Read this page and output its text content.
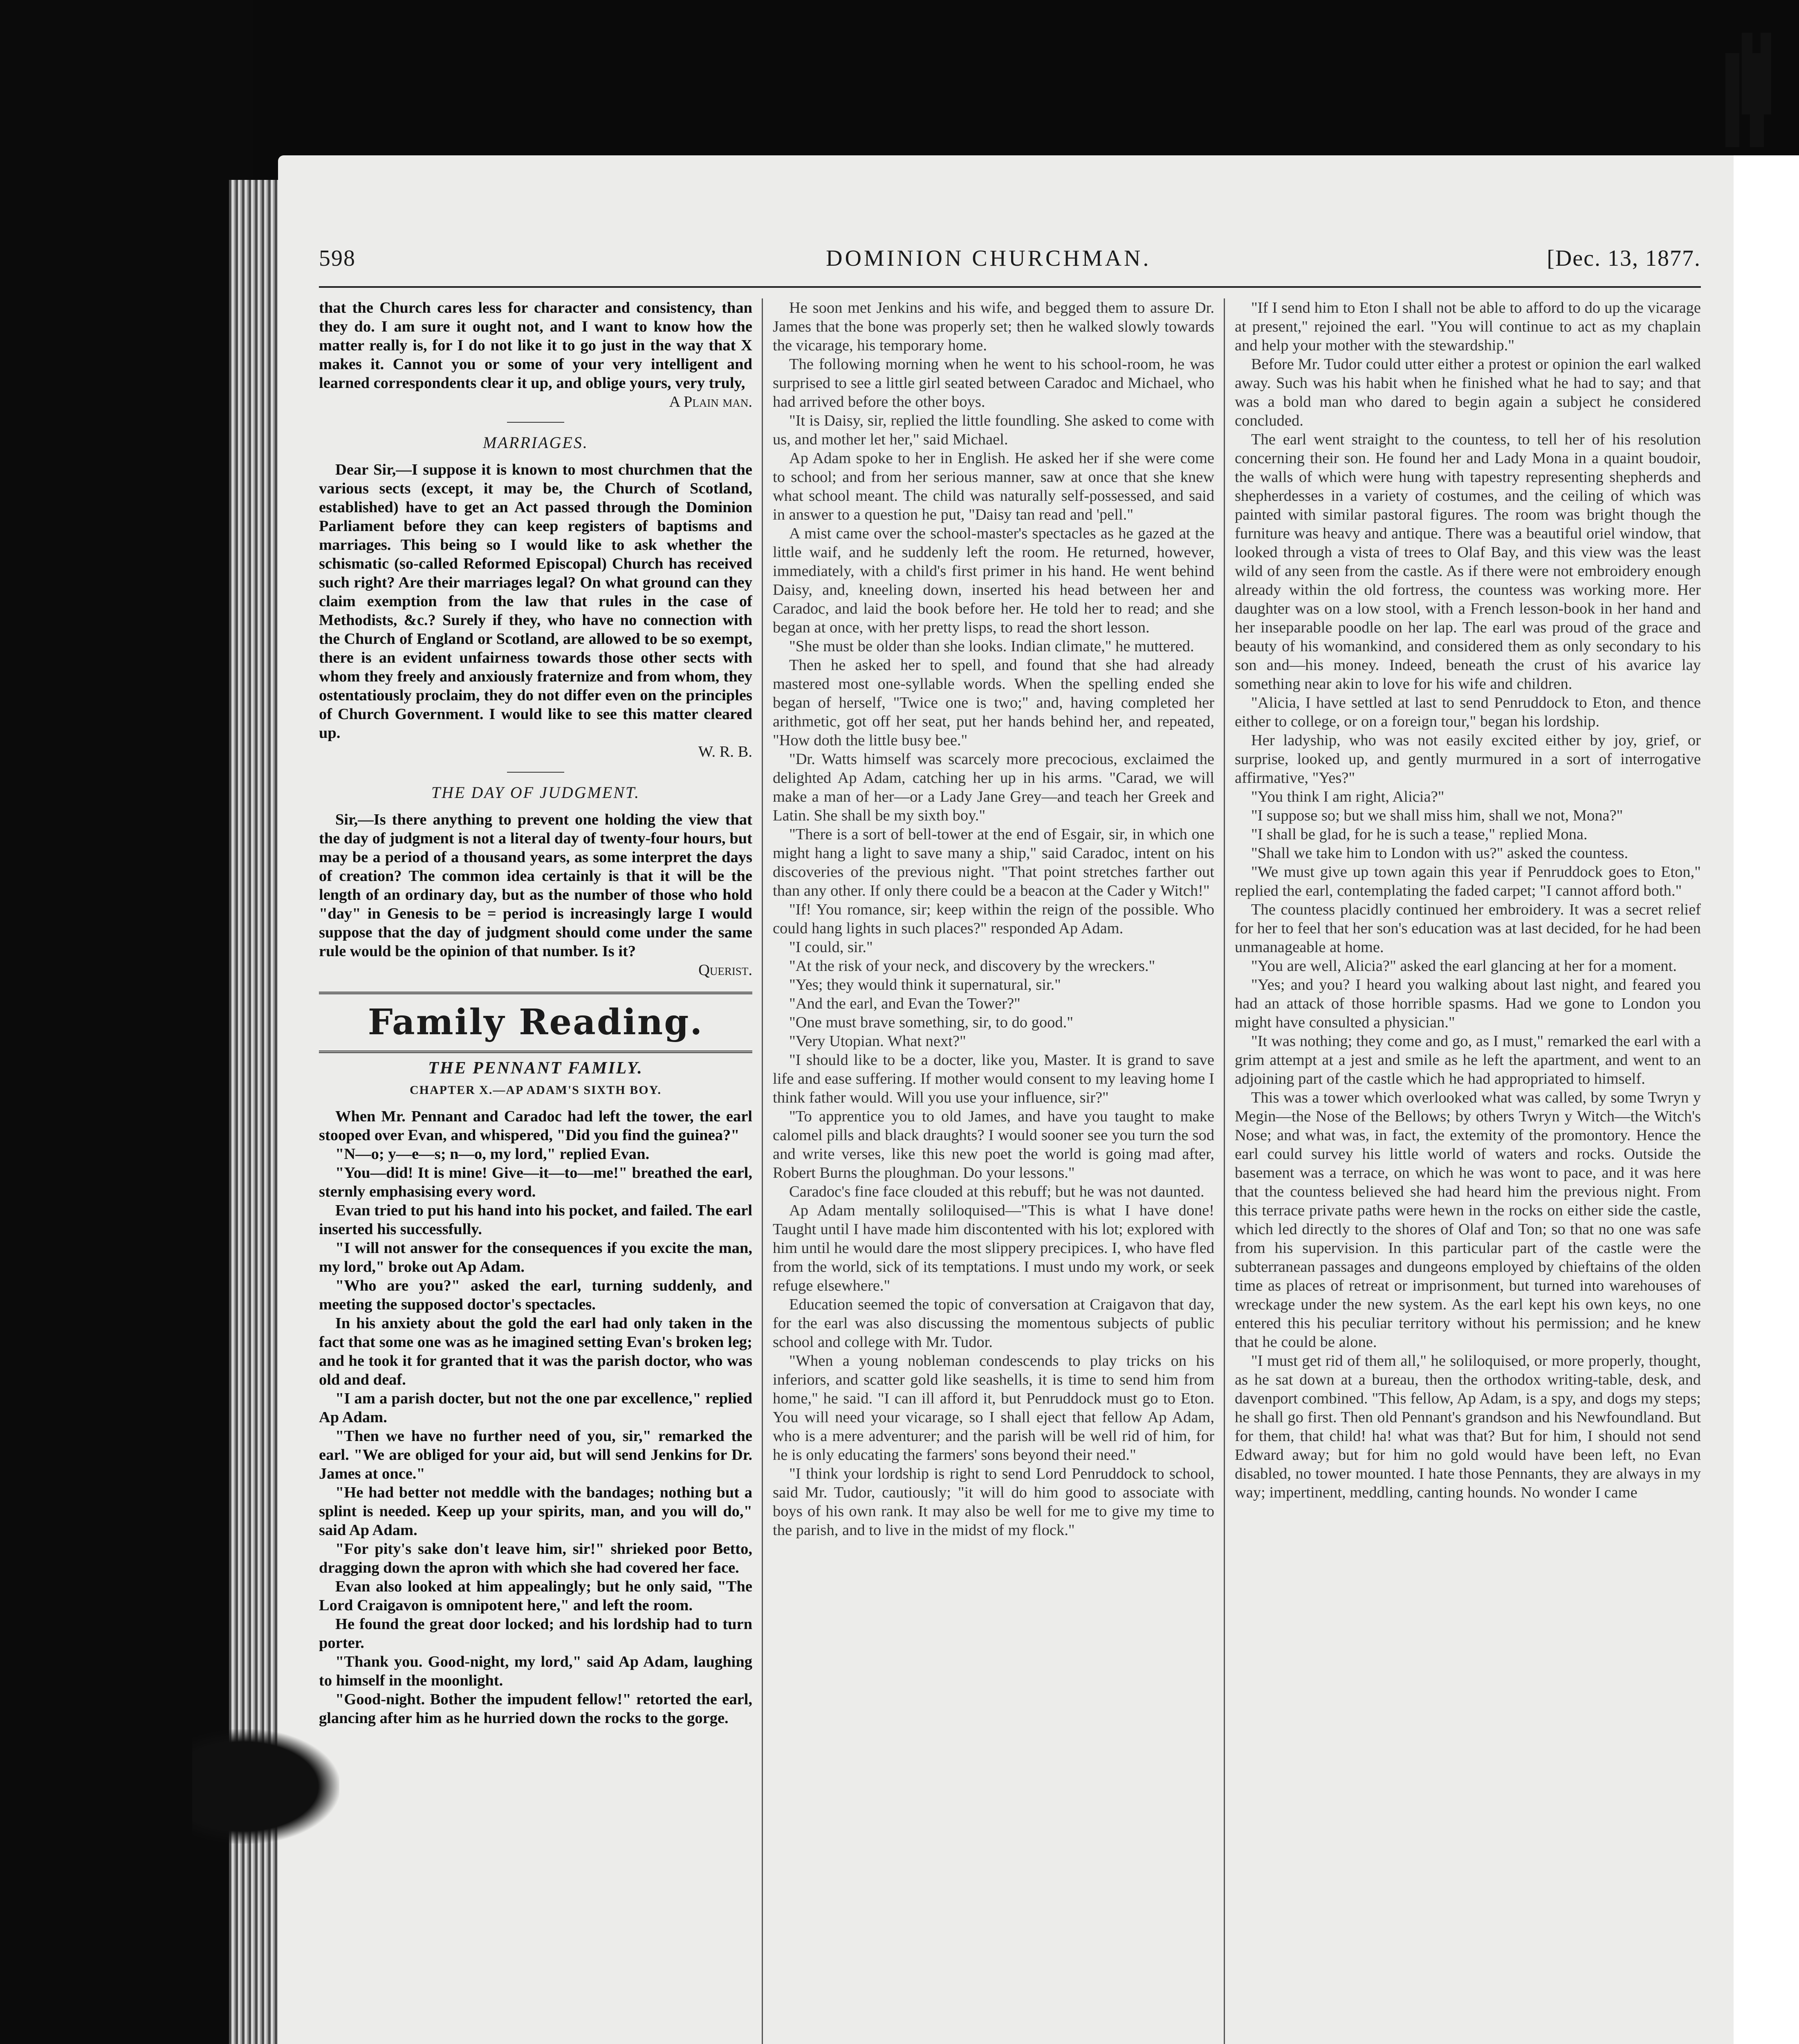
598	DOMINION CHURCHMAN.	[Dec. 13, 1877.

that the Church cares less for character and consistency, than they do. I am sure it ought not, and I want to know how the matter really is, for I do not like it to go just in the way that X makes it. Cannot you or some of your very intelligent and learned correspondents clear it up, and oblige yours, very truly,

A Plain man.

MARRIAGES.

Dear Sir,—I suppose it is known to most churchmen that the various sects (except, it may be, the Church of Scotland, established) have to get an Act passed through the Dominion Parliament before they can keep registers of baptisms and marriages. This being so I would like to ask whether the schismatic (so-called Reformed Episcopal) Church has received such right? Are their marriages legal? On what ground can they claim exemption from the law that rules in the case of Methodists, &c.? Surely if they, who have no connection with the Church of England or Scotland, are allowed to be so exempt, there is an evident unfairness towards those other sects with whom they freely and anxiously fraternize and from whom, they ostentatiously proclaim, they do not differ even on the principles of Church Government. I would like to see this matter cleared up.

W. R. B.

THE DAY OF JUDGMENT.

Sir,—Is there anything to prevent one holding the view that the day of judgment is not a literal day of twenty-four hours, but may be a period of a thousand years, as some interpret the days of creation? The common idea certainly is that it will be the length of an ordinary day, but as the number of those who hold "day" in Genesis to be = period is increasingly large I would suppose that the day of judgment should come under the same rule would be the opinion of that number. Is it?

Querist.

Family Reading.
THE PENNANT FAMILY.
CHAPTER X.—AP ADAM'S SIXTH BOY.

When Mr. Pennant and Caradoc had left the tower, the earl stooped over Evan, and whispered, "Did you find the guinea?"

"N—o; y—e—s; n—o, my lord," replied Evan.

"You—did! It is mine! Give—it—to—me!" breathed the earl, sternly emphasising every word.

Evan tried to put his hand into his pocket, and failed. The earl inserted his successfully.

"I will not answer for the consequences if you excite the man, my lord," broke out Ap Adam.

"Who are you?" asked the earl, turning suddenly, and meeting the supposed doctor's spectacles.

In his anxiety about the gold the earl had only taken in the fact that some one was as he imagined setting Evan's broken leg; and he took it for granted that it was the parish doctor, who was old and deaf.

"I am a parish docter, but not the one par excellence," replied Ap Adam.

"Then we have no further need of you, sir," remarked the earl. "We are obliged for your aid, but will send Jenkins for Dr. James at once."

"He had better not meddle with the bandages; nothing but a splint is needed. Keep up your spirits, man, and you will do," said Ap Adam.

"For pity's sake don't leave him, sir!" shrieked poor Betto, dragging down the apron with which she had covered her face.

Evan also looked at him appealingly; but he only said, "The Lord Craigavon is omnipotent here," and left the room.

He found the great door locked; and his lordship had to turn porter.

"Thank you. Good-night, my lord," said Ap Adam, laughing to himself in the moonlight.

"Good-night. Bother the impudent fellow!" retorted the earl, glancing after him as he hurried down the rocks to the gorge.

He soon met Jenkins and his wife, and begged them to assure Dr. James that the bone was properly set; then he walked slowly towards the vicarage, his temporary home.

The following morning when he went to his school-room, he was surprised to see a little girl seated between Caradoc and Michael, who had arrived before the other boys.

"It is Daisy, sir, replied the little foundling. She asked to come with us, and mother let her," said Michael.

Ap Adam spoke to her in English. He asked her if she were come to school; and from her serious manner, saw at once that she knew what school meant. The child was naturally self-possessed, and said in answer to a question he put, "Daisy tan read and 'pell."

A mist came over the school-master's spectacles as he gazed at the little waif, and he suddenly left the room. He returned, however, immediately, with a child's first primer in his hand. He went behind Daisy, and, kneeling down, inserted his head between her and Caradoc, and laid the book before her. He told her to read; and she began at once, with her pretty lisps, to read the short lesson.

"She must be older than she looks. Indian climate," he muttered.

Then he asked her to spell, and found that she had already mastered most one-syllable words. When the spelling ended she began of herself, "Twice one is two;" and, having completed her arithmetic, got off her seat, put her hands behind her, and repeated, "How doth the little busy bee."

"Dr. Watts himself was scarcely more precocious, exclaimed the delighted Ap Adam, catching her up in his arms. "Carad, we will make a man of her—or a Lady Jane Grey—and teach her Greek and Latin. She shall be my sixth boy."

"There is a sort of bell-tower at the end of Esgair, sir, in which one might hang a light to save many a ship," said Caradoc, intent on his discoveries of the previous night. "That point stretches farther out than any other. If only there could be a beacon at the Cader y Witch!"

"If! You romance, sir; keep within the reign of the possible. Who could hang lights in such places?" responded Ap Adam.

"I could, sir."

"At the risk of your neck, and discovery by the wreckers."

"Yes; they would think it supernatural, sir."

"And the earl, and Evan the Tower?"

"One must brave something, sir, to do good."

"Very Utopian. What next?"

"I should like to be a docter, like you, Master. It is grand to save life and ease suffering. If mother would consent to my leaving home I think father would. Will you use your influence, sir?"

"To apprentice you to old James, and have you taught to make calomel pills and black draughts? I would sooner see you turn the sod and write verses, like this new poet the world is going mad after, Robert Burns the ploughman. Do your lessons."

Caradoc's fine face clouded at this rebuff; but he was not daunted.

Ap Adam mentally soliloquised—"This is what I have done! Taught until I have made him discontented with his lot; explored with him until he would dare the most slippery precipices. I, who have fled from the world, sick of its temptations. I must undo my work, or seek refuge elsewhere."

Education seemed the topic of conversation at Craigavon that day, for the earl was also discussing the momentous subjects of public school and college with Mr. Tudor.

"When a young nobleman condescends to play tricks on his inferiors, and scatter gold like seashells, it is time to send him from home," he said. "I can ill afford it, but Penruddock must go to Eton. You will need your vicarage, so I shall eject that fellow Ap Adam, who is a mere adventurer; and the parish will be well rid of him, for he is only educating the farmers' sons beyond their need."

"I think your lordship is right to send Lord Penruddock to school, said Mr. Tudor, cautiously; "it will do him good to associate with boys of his own rank. It may also be well for me to give my time to the parish, and to live in the midst of my flock."

"If I send him to Eton I shall not be able to afford to do up the vicarage at present," rejoined the earl. "You will continue to act as my chaplain and help your mother with the stewardship."

Before Mr. Tudor could utter either a protest or opinion the earl walked away. Such was his habit when he finished what he had to say; and that was a bold man who dared to begin again a subject he considered concluded.

The earl went straight to the countess, to tell her of his resolution concerning their son. He found her and Lady Mona in a quaint boudoir, the walls of which were hung with tapestry representing shepherds and shepherdesses in a variety of costumes, and the ceiling of which was painted with similar pastoral figures. The room was bright though the furniture was heavy and antique. There was a beautiful oriel window, that looked through a vista of trees to Olaf Bay, and this view was the least wild of any seen from the castle. As if there were not embroidery enough already within the old fortress, the countess was working more. Her daughter was on a low stool, with a French lesson-book in her hand and her inseparable poodle on her lap. The earl was proud of the grace and beauty of his womankind, and considered them as only secondary to his son and—his money. Indeed, beneath the crust of his avarice lay something near akin to love for his wife and children.

"Alicia, I have settled at last to send Penruddock to Eton, and thence either to college, or on a foreign tour," began his lordship.

Her ladyship, who was not easily excited either by joy, grief, or surprise, looked up, and gently murmured in a sort of interrogative affirmative, "Yes?"

"You think I am right, Alicia?"

"I suppose so; but we shall miss him, shall we not, Mona?"

"I shall be glad, for he is such a tease," replied Mona.

"Shall we take him to London with us?" asked the countess.

"We must give up town again this year if Penruddock goes to Eton," replied the earl, contemplating the faded carpet; "I cannot afford both."

The countess placidly continued her embroidery. It was a secret relief for her to feel that her son's education was at last decided, for he had been unmanageable at home.

"You are well, Alicia?" asked the earl glancing at her for a moment.

"Yes; and you? I heard you walking about last night, and feared you had an attack of those horrible spasms. Had we gone to London you might have consulted a physician."

"It was nothing; they come and go, as I must," remarked the earl with a grim attempt at a jest and smile as he left the apartment, and went to an adjoining part of the castle which he had appropriated to himself.

This was a tower which overlooked what was called, by some Twryn y Megin—the Nose of the Bellows; by others Twryn y Witch—the Witch's Nose; and what was, in fact, the extemity of the promontory. Hence the earl could survey his little world of waters and rocks. Outside the basement was a terrace, on which he was wont to pace, and it was here that the countess believed she had heard him the previous night. From this terrace private paths were hewn in the rocks on either side the castle, which led directly to the shores of Olaf and Ton; so that no one was safe from his supervision. In this particular part of the castle were the subterranean passages and dungeons employed by chieftains of the olden time as places of retreat or imprisonment, but turned into warehouses of wreckage under the new system. As the earl kept his own keys, no one entered this his peculiar territory without his permission; and he knew that he could be alone.

"I must get rid of them all," he soliloquised, or more properly, thought, as he sat down at a bureau, then the orthodox writing-table, desk, and davenport combined. "This fellow, Ap Adam, is a spy, and dogs my steps; he shall go first. Then old Pennant's grandson and his Newfoundland. But for them, that child! ha! what was that? But for him, I should not send Edward away; but for him no gold would have been left, no Evan disabled, no tower mounted. I hate those Pennants, they are always in my way; impertinent, meddling, canting hounds. No wonder I came
